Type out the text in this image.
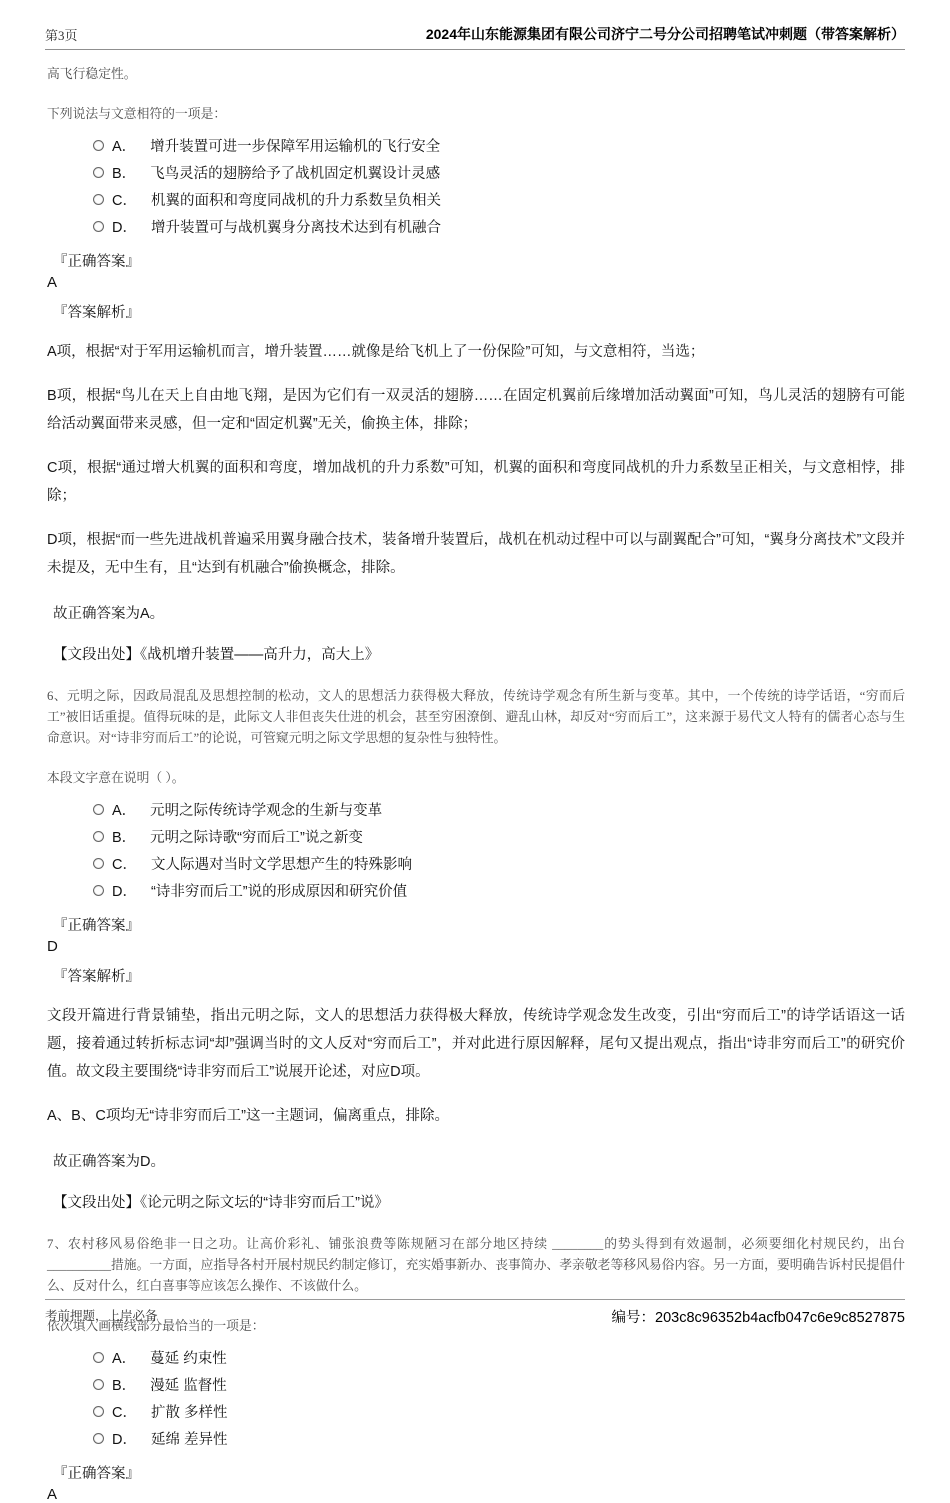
第3页	2024年山东能源集团有限公司济宁二号分公司招聘笔试冲刺题（带答案解析）
高飞行稳定性。
下列说法与文意相符的一项是：
A． 增升装置可进一步保障军用运输机的飞行安全
B． 飞鸟灵活的翅膀给予了战机固定机翼设计灵感
C． 机翼的面积和弯度同战机的升力系数呈负相关
D． 增升装置可与战机翼身分离技术达到有机融合
『正确答案』
A
『答案解析』

A项，根据“对于军用运输机而言，增升装置……就像是给飞机上了一份保险”可知，与文意相符，当选；

B项，根据“鸟儿在天上自由地飞翔，是因为它们有一双灵活的翅膀……在固定机翼前后缘增加活动翼面”可知，鸟儿灵活的翅膀有可能给活动翼面带来灵感，但一定和“固定机翼”无关，偷换主体，排除；

C项，根据“通过增大机翼的面积和弯度，增加战机的升力系数”可知，机翼的面积和弯度同战机的升力系数呈正相关，与文意相悖，排除；

D项，根据“而一些先进战机普遍采用翼身融合技术，装备增升装置后，战机在机动过程中可以与副翼配合”可知，“翼身分离技术”文段并未提及，无中生有，且“达到有机融合”偷换概念，排除。

故正确答案为A。
【文段出处】《战机增升装置——高升力，高大上》
6、元明之际，因政局混乱及思想控制的松动，文人的思想活力获得极大释放，传统诗学观念有所生新与变革。其中，一个传统的诗学话语，“穷而后工”被旧话重提。值得玩味的是，此际文人非但丧失仕进的机会，甚至穷困潦倒、避乱山林，却反对“穷而后工”，这来源于易代文人特有的儒者心态与生命意识。对“诗非穷而后工”的论说，可管窥元明之际文学思想的复杂性与独特性。
本段文字意在说明（ ）。
A． 元明之际传统诗学观念的生新与变革
B． 元明之际诗歌“穷而后工”说之新变
C． 文人际遇对当时文学思想产生的特殊影响
D． “诗非穷而后工”说的形成原因和研究价值
『正确答案』
D
『答案解析』

文段开篇进行背景铺垫，指出元明之际，文人的思想活力获得极大释放，传统诗学观念发生改变，引出“穷而后工”的诗学话语这一话题，接着通过转折标志词“却”强调当时的文人反对“穷而后工”，并对此进行原因解释，尾句又提出观点，指出“诗非穷而后工”的研究价值。故文段主要围绕“诗非穷而后工”说展开论述，对应D项。

A、B、C项均无“诗非穷而后工”这一主题词，偏离重点，排除。

故正确答案为D。
【文段出处】《论元明之际文坛的“诗非穷而后工”说》
7、农村移风易俗绝非一日之功。让高价彩礼、铺张浪费等陈规陋习在部分地区持续 ________的势头得到有效遏制，必须要细化村规民约，出台 __________措施。一方面，应指导各村开展村规民约制定修订，充实婚事新办、丧事简办、孝亲敬老等移风易俗内容。另一方面，要明确告诉村民提倡什么、反对什么，红白喜事等应该怎么操作、不该做什么。
依次填入画横线部分最恰当的一项是：
A． 蔓延 约束性
B． 漫延 监督性
C． 扩散 多样性
D． 延绵 差异性
『正确答案』
A
考前押题，上岸必备	编号：203c8c96352b4acfb047c6e9c8527875
